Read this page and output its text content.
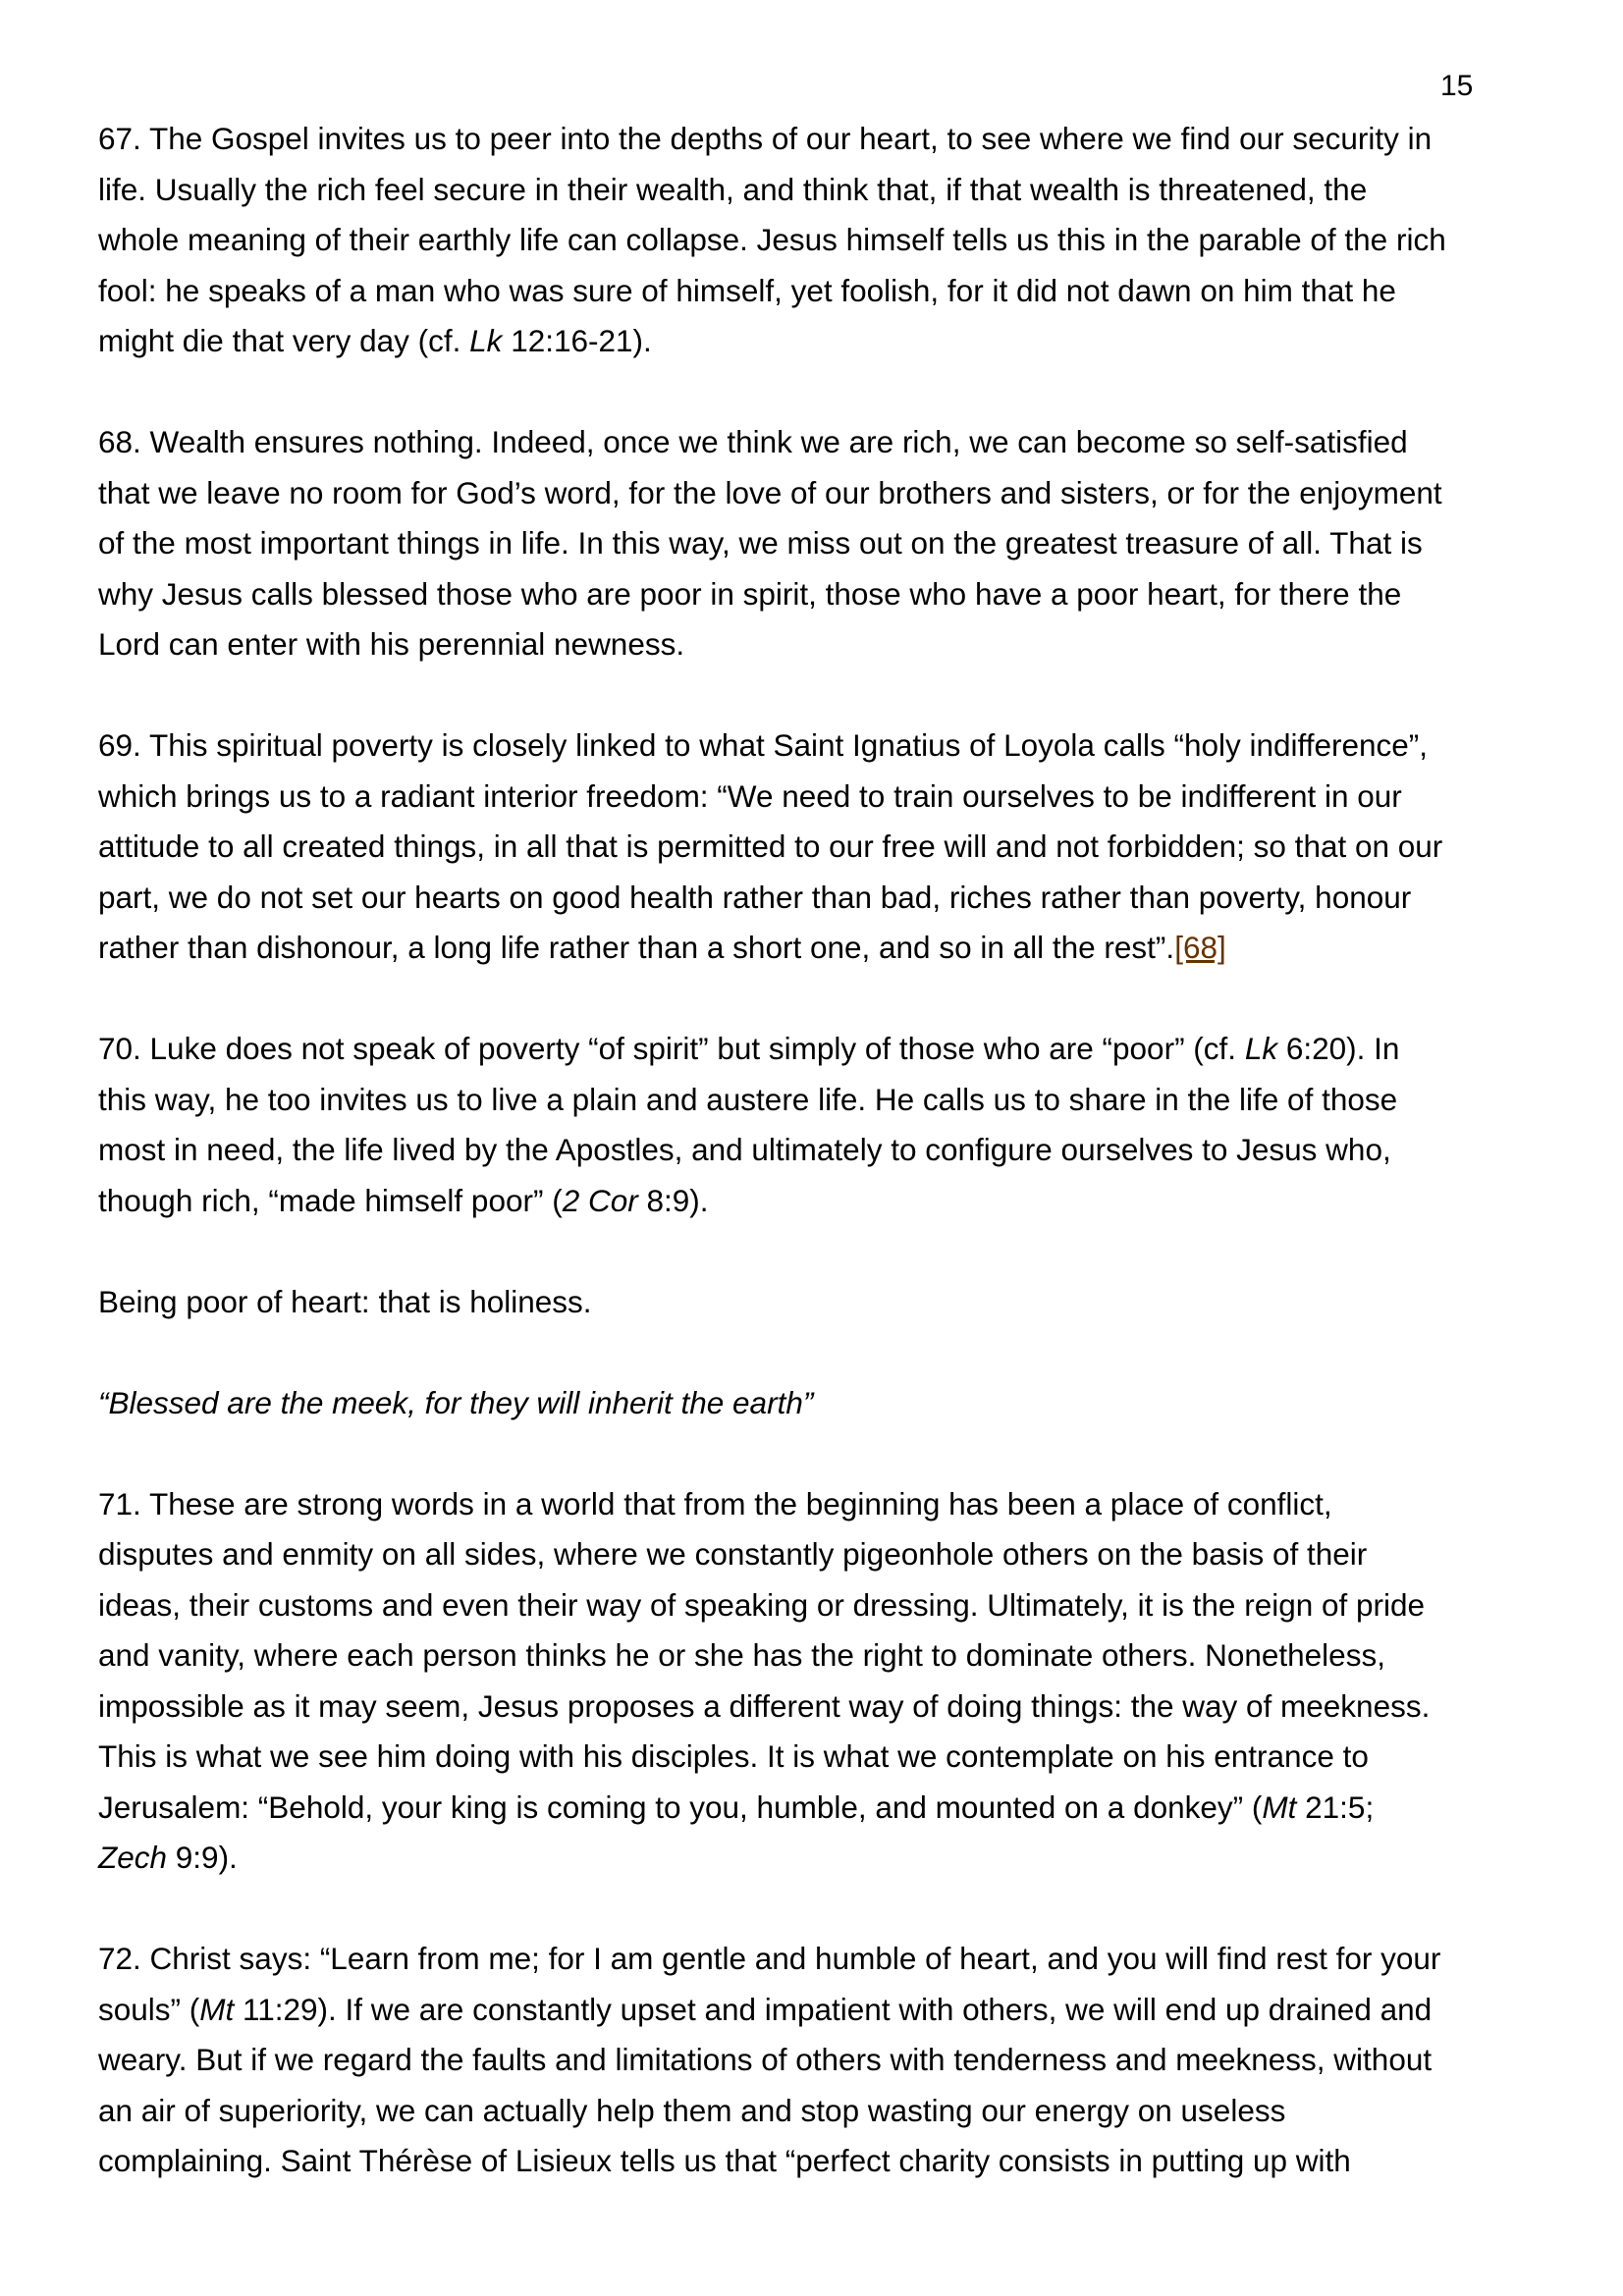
15
67. The Gospel invites us to peer into the depths of our heart, to see where we find our security in
life. Usually the rich feel secure in their wealth, and think that, if that wealth is threatened, the
whole meaning of their earthly life can collapse. Jesus himself tells us this in the parable of the rich
fool: he speaks of a man who was sure of himself, yet foolish, for it did not dawn on him that he
might die that very day (cf. Lk 12:16-21).
68. Wealth ensures nothing. Indeed, once we think we are rich, we can become so self-satisfied
that we leave no room for God’s word, for the love of our brothers and sisters, or for the enjoyment
of the most important things in life. In this way, we miss out on the greatest treasure of all. That is
why Jesus calls blessed those who are poor in spirit, those who have a poor heart, for there the
Lord can enter with his perennial newness.
69. This spiritual poverty is closely linked to what Saint Ignatius of Loyola calls “holy indifference”,
which brings us to a radiant interior freedom: “We need to train ourselves to be indifferent in our
attitude to all created things, in all that is permitted to our free will and not forbidden; so that on our
part, we do not set our hearts on good health rather than bad, riches rather than poverty, honour
rather than dishonour, a long life rather than a short one, and so in all the rest”.[68]
70. Luke does not speak of poverty “of spirit” but simply of those who are “poor” (cf. Lk 6:20). In
this way, he too invites us to live a plain and austere life. He calls us to share in the life of those
most in need, the life lived by the Apostles, and ultimately to configure ourselves to Jesus who,
though rich, “made himself poor” (2 Cor 8:9).
Being poor of heart: that is holiness.
“Blessed are the meek, for they will inherit the earth”
71. These are strong words in a world that from the beginning has been a place of conflict,
disputes and enmity on all sides, where we constantly pigeonhole others on the basis of their
ideas, their customs and even their way of speaking or dressing. Ultimately, it is the reign of pride
and vanity, where each person thinks he or she has the right to dominate others. Nonetheless,
impossible as it may seem, Jesus proposes a different way of doing things: the way of meekness.
This is what we see him doing with his disciples. It is what we contemplate on his entrance to
Jerusalem: “Behold, your king is coming to you, humble, and mounted on a donkey” (Mt 21:5;
Zech 9:9).
72. Christ says: “Learn from me; for I am gentle and humble of heart, and you will find rest for your
souls” (Mt 11:29). If we are constantly upset and impatient with others, we will end up drained and
weary. But if we regard the faults and limitations of others with tenderness and meekness, without
an air of superiority, we can actually help them and stop wasting our energy on useless
complaining. Saint Thérèse of Lisieux tells us that “perfect charity consists in putting up with
